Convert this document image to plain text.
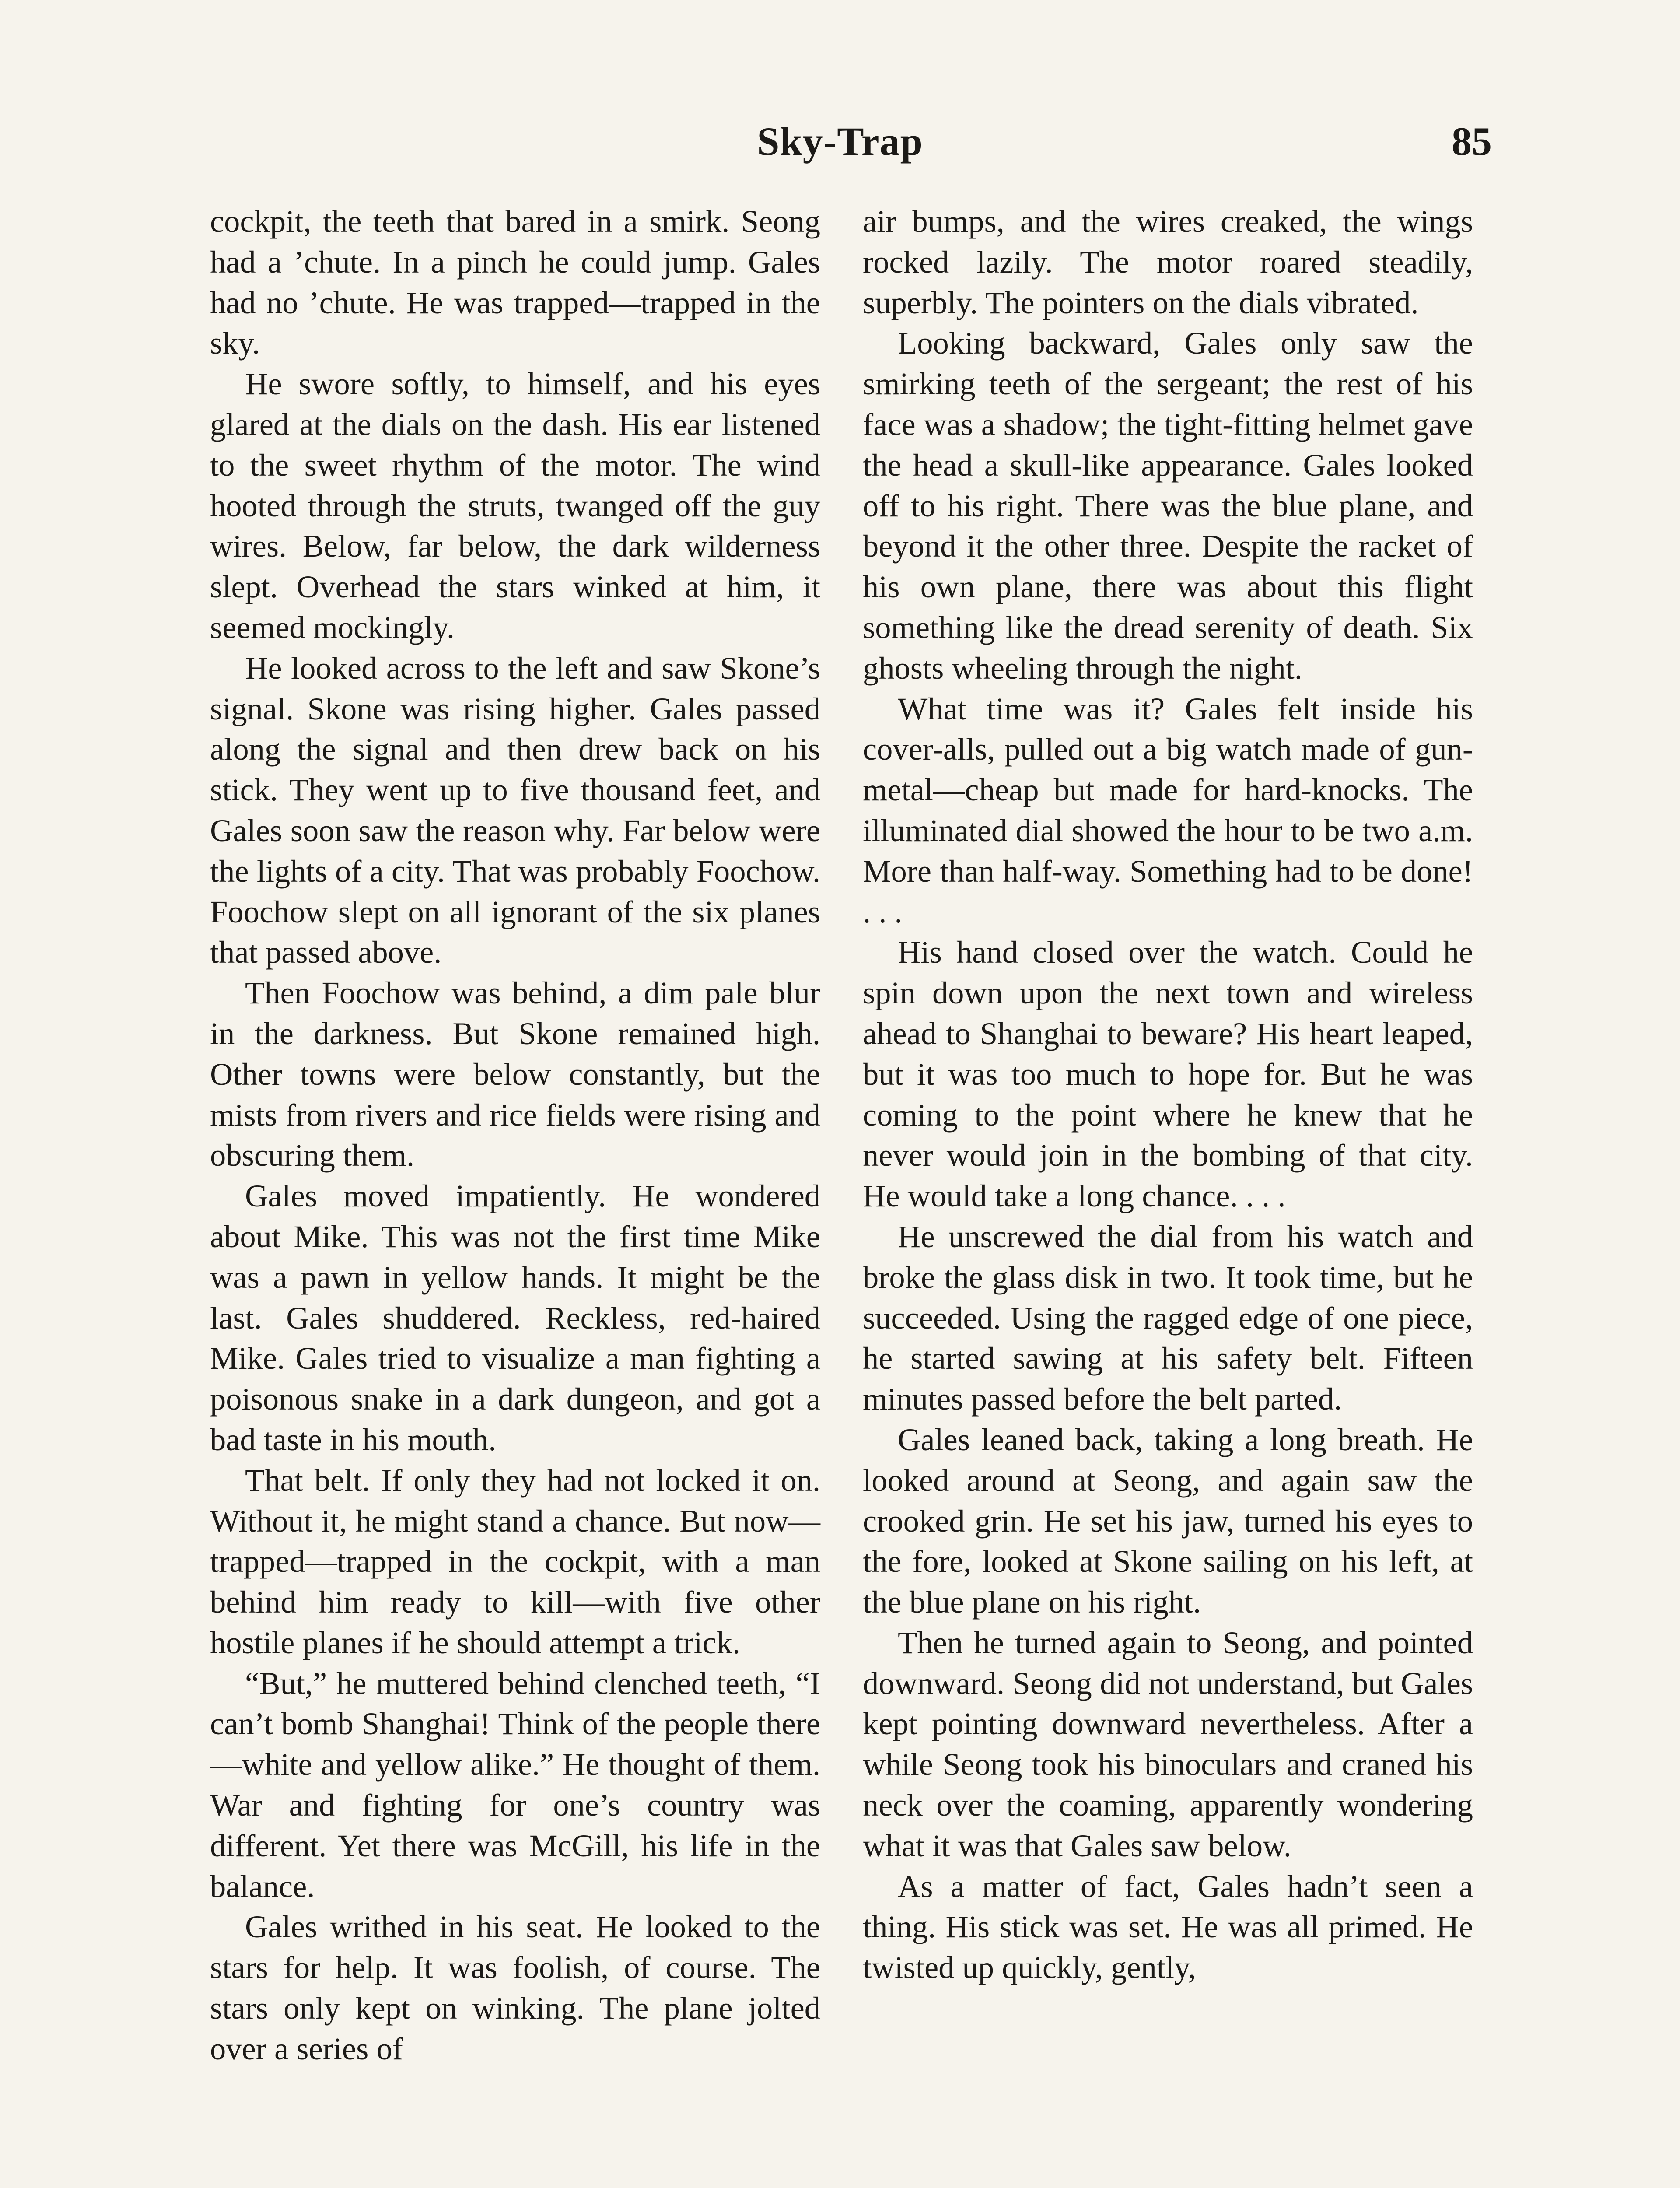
Sky-Trap	85

cockpit, the teeth that bared in a smirk. Seong had a ’chute. In a pinch he could jump. Gales had no ’chute. He was trapped—trapped in the sky.

He swore softly, to himself, and his eyes glared at the dials on the dash. His ear listened to the sweet rhythm of the motor. The wind hooted through the struts, twanged off the guy wires. Below, far below, the dark wilderness slept. Overhead the stars winked at him, it seemed mockingly.

He looked across to the left and saw Skone’s signal. Skone was rising higher. Gales passed along the signal and then drew back on his stick. They went up to five thousand feet, and Gales soon saw the reason why. Far below were the lights of a city. That was probably Foochow. Foochow slept on all ignorant of the six planes that passed above.

Then Foochow was behind, a dim pale blur in the darkness. But Skone remained high. Other towns were below constantly, but the mists from rivers and rice fields were rising and obscuring them.

Gales moved impatiently. He wondered about Mike. This was not the first time Mike was a pawn in yellow hands. It might be the last. Gales shuddered. Reckless, red-haired Mike. Gales tried to visualize a man fighting a poisonous snake in a dark dungeon, and got a bad taste in his mouth.

That belt. If only they had not locked it on. Without it, he might stand a chance. But now—trapped—trapped in the cockpit, with a man behind him ready to kill—with five other hostile planes if he should attempt a trick.

“But,” he muttered behind clenched teeth, “I can’t bomb Shanghai! Think of the people there—white and yellow alike.” He thought of them. War and fighting for one’s country was different. Yet there was McGill, his life in the balance.

Gales writhed in his seat. He looked to the stars for help. It was foolish, of course. The stars only kept on winking. The plane jolted over a series of

air bumps, and the wires creaked, the wings rocked lazily. The motor roared steadily, superbly. The pointers on the dials vibrated.

Looking backward, Gales only saw the smirking teeth of the sergeant; the rest of his face was a shadow; the tight-fitting helmet gave the head a skull-like appearance. Gales looked off to his right. There was the blue plane, and beyond it the other three. Despite the racket of his own plane, there was about this flight something like the dread serenity of death. Six ghosts wheeling through the night.

What time was it? Gales felt inside his cover-alls, pulled out a big watch made of gun-metal—cheap but made for hard-knocks. The illuminated dial showed the hour to be two a.m. More than half-way. Something had to be done! . . .

His hand closed over the watch. Could he spin down upon the next town and wireless ahead to Shanghai to beware? His heart leaped, but it was too much to hope for. But he was coming to the point where he knew that he never would join in the bombing of that city. He would take a long chance. . . .

He unscrewed the dial from his watch and broke the glass disk in two. It took time, but he succeeded. Using the ragged edge of one piece, he started sawing at his safety belt. Fifteen minutes passed before the belt parted.

Gales leaned back, taking a long breath. He looked around at Seong, and again saw the crooked grin. He set his jaw, turned his eyes to the fore, looked at Skone sailing on his left, at the blue plane on his right.

Then he turned again to Seong, and pointed downward. Seong did not understand, but Gales kept pointing downward nevertheless. After a while Seong took his binoculars and craned his neck over the coaming, apparently wondering what it was that Gales saw below.

As a matter of fact, Gales hadn’t seen a thing. His stick was set. He was all primed. He twisted up quickly, gently,
